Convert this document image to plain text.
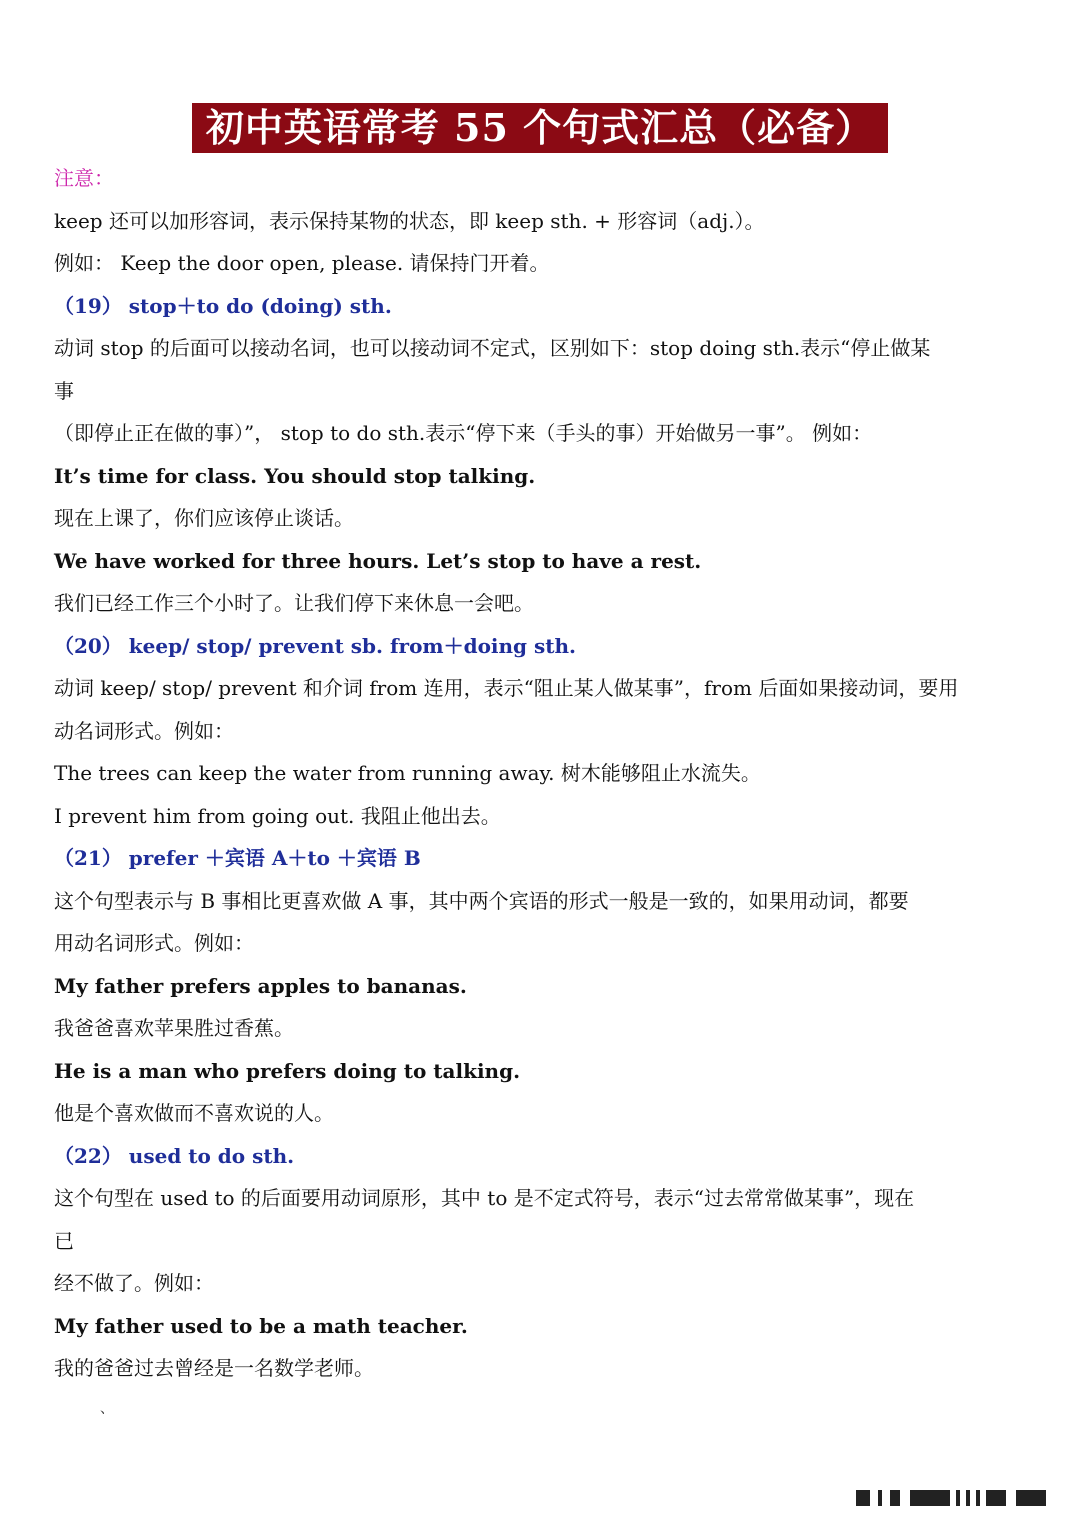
初中英语常考 55 个句式汇总（必备）
注意：
keep 还可以加形容词，表示保持某物的状态，即 keep sth. + 形容词（adj.）。
例如： Keep the door open, please. 请保持门开着。
（19） stop＋to do (doing) sth.
动词 stop 的后面可以接动名词，也可以接动词不定式，区别如下：stop doing sth.表示“停止做某
事
（即停止正在做的事）”， stop to do sth.表示“停下来（手头的事）开始做另一事”。 例如：
It’s time for class. You should stop talking.
现在上课了，你们应该停止谈话。
We have worked for three hours. Let’s stop to have a rest.
我们已经工作三个小时了。让我们停下来休息一会吧。
（20） keep/ stop/ prevent sb. from＋doing sth.
动词 keep/ stop/ prevent 和介词 from 连用，表示“阻止某人做某事”，from 后面如果接动词，要用
动名词形式。例如：
The trees can keep the water from running away. 树木能够阻止水流失。
I prevent him from going out. 我阻止他出去。
（21） prefer ＋宾语 A＋to ＋宾语 B
这个句型表示与 B 事相比更喜欢做 A 事，其中两个宾语的形式一般是一致的，如果用动词，都要
用动名词形式。例如：
My father prefers apples to bananas.
我爸爸喜欢苹果胜过香蕉。
He is a man who prefers doing to talking.
他是个喜欢做而不喜欢说的人。
（22） used to do sth.
这个句型在 used to 的后面要用动词原形，其中 to 是不定式符号，表示“过去常常做某事”，现在
已
经不做了。例如：
My father used to be a math teacher.
我的爸爸过去曾经是一名数学老师。
、
